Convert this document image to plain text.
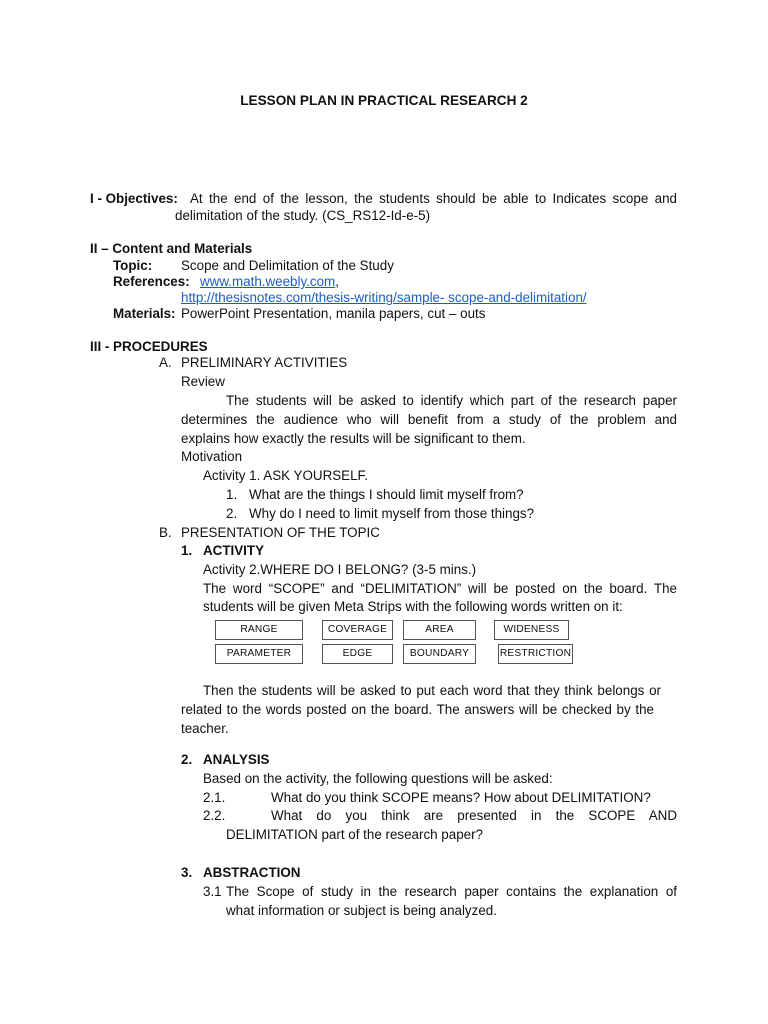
LESSON PLAN IN PRACTICAL RESEARCH 2
I - Objectives: At the end of the lesson, the students should be able to Indicates scope and
delimitation of the study. (CS_RS12-Id-e-5)
II – Content and Materials
Topic: Scope and Delimitation of the Study
References: www.math.weebly.com,
http://thesisnotes.com/thesis-writing/sample- scope-and-delimitation/
Materials: PowerPoint Presentation, manila papers, cut – outs
III - PROCEDURES
A. PRELIMINARY ACTIVITIES
Review
The students will be asked to identify which part of the research paper
determines the audience who will benefit from a study of the problem and
explains how exactly the results will be significant to them.
Motivation
Activity 1. ASK YOURSELF.
1. What are the things I should limit myself from?
2. Why do I need to limit myself from those things?
B. PRESENTATION OF THE TOPIC
1. ACTIVITY
Activity 2.WHERE DO I BELONG? (3-5 mins.)
The word “SCOPE” and “DELIMITATION” will be posted on the board. The
students will be given Meta Strips with the following words written on it:
RANGE	COVERAGE	AREA	WIDENESS
PARAMETER	EDGE	BOUNDARY	RESTRICTION
Then the students will be asked to put each word that they think belongs or
related to the words posted on the board. The answers will be checked by the
teacher.
2. ANALYSIS
Based on the activity, the following questions will be asked:
2.1.	What do you think SCOPE means? How about DELIMITATION?
2.2.	What do you think are presented in the SCOPE AND
DELIMITATION part of the research paper?
3. ABSTRACTION
3.1 The Scope of study in the research paper contains the explanation of
what information or subject is being analyzed.
